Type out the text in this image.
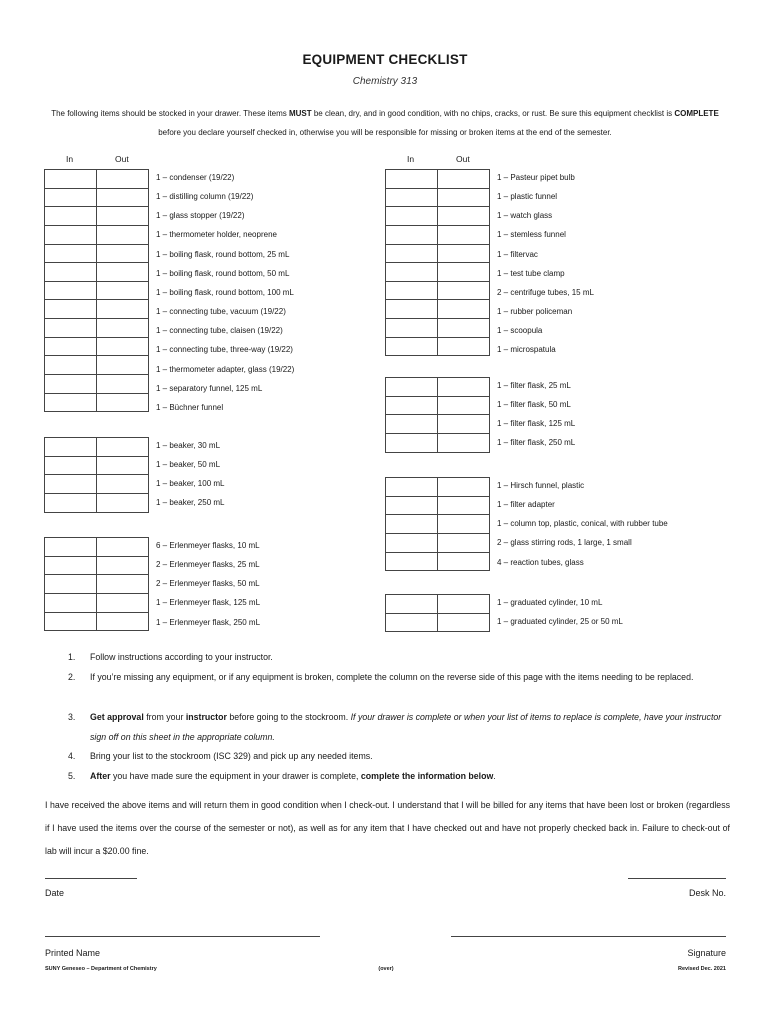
EQUIPMENT CHECKLIST
Chemistry 313
The following items should be stocked in your drawer. These items MUST be clean, dry, and in good condition, with no chips, cracks, or rust. Be sure this equipment checklist is COMPLETE before you declare yourself checked in, otherwise you will be responsible for missing or broken items at the end of the semester.
In	Out	In	Out
1 – condenser (19/22)
1 – distilling column (19/22)
1 – glass stopper (19/22)
1 – thermometer holder, neoprene
1 – boiling flask, round bottom, 25 mL
1 – boiling flask, round bottom, 50 mL
1 – boiling flask, round bottom, 100 mL
1 – connecting tube, vacuum (19/22)
1 – connecting tube, claisen (19/22)
1 – connecting tube, three-way (19/22)
1 – thermometer adapter, glass (19/22)
1 – separatory funnel, 125 mL
1 – Büchner funnel

1 – beaker, 30 mL
1 – beaker, 50 mL
1 – beaker, 100 mL
1 – beaker, 250 mL

6 – Erlenmeyer flasks, 10 mL
2 – Erlenmeyer flasks, 25 mL
2 – Erlenmeyer flasks, 50 mL
1 – Erlenmeyer flask, 125 mL
1 – Erlenmeyer flask, 250 mL

1 – Pasteur pipet bulb
1 – plastic funnel
1 – watch glass
1 – stemless funnel
1 – filtervac
1 – test tube clamp
2 – centrifuge tubes, 15 mL
1 – rubber policeman
1 – scoopula
1 – microspatula

1 – filter flask, 25 mL
1 – filter flask, 50 mL
1 – filter flask, 125 mL
1 – filter flask, 250 mL

1 – Hirsch funnel, plastic
1 – filter adapter
1 – column top, plastic, conical, with rubber tube
2 – glass stirring rods, 1 large, 1 small
4 – reaction tubes, glass

1 – graduated cylinder, 10 mL
1 – graduated cylinder, 25 or 50 mL

1.	Follow instructions according to your instructor.
2.	If you’re missing any equipment, or if any equipment is broken, complete the column on the reverse side of this page with the items needing to be replaced.
3.	Get approval from your instructor before going to the stockroom. If your drawer is complete or when your list of items to replace is complete, have your instructor sign off on this sheet in the appropriate column.
4.	Bring your list to the stockroom (ISC 329) and pick up any needed items.
5.	After you have made sure the equipment in your drawer is complete, complete the information below.
I have received the above items and will return them in good condition when I check-out. I understand that I will be billed for any items that have been lost or broken (regardless if I have used the items over the course of the semester or not), as well as for any item that I have checked out and have not properly checked back in. Failure to check-out of lab will incur a $20.00 fine.
Date	Desk No.
Printed Name	Signature
SUNY Geneseo – Department of Chemistry	(over)	Revised Dec. 2021
